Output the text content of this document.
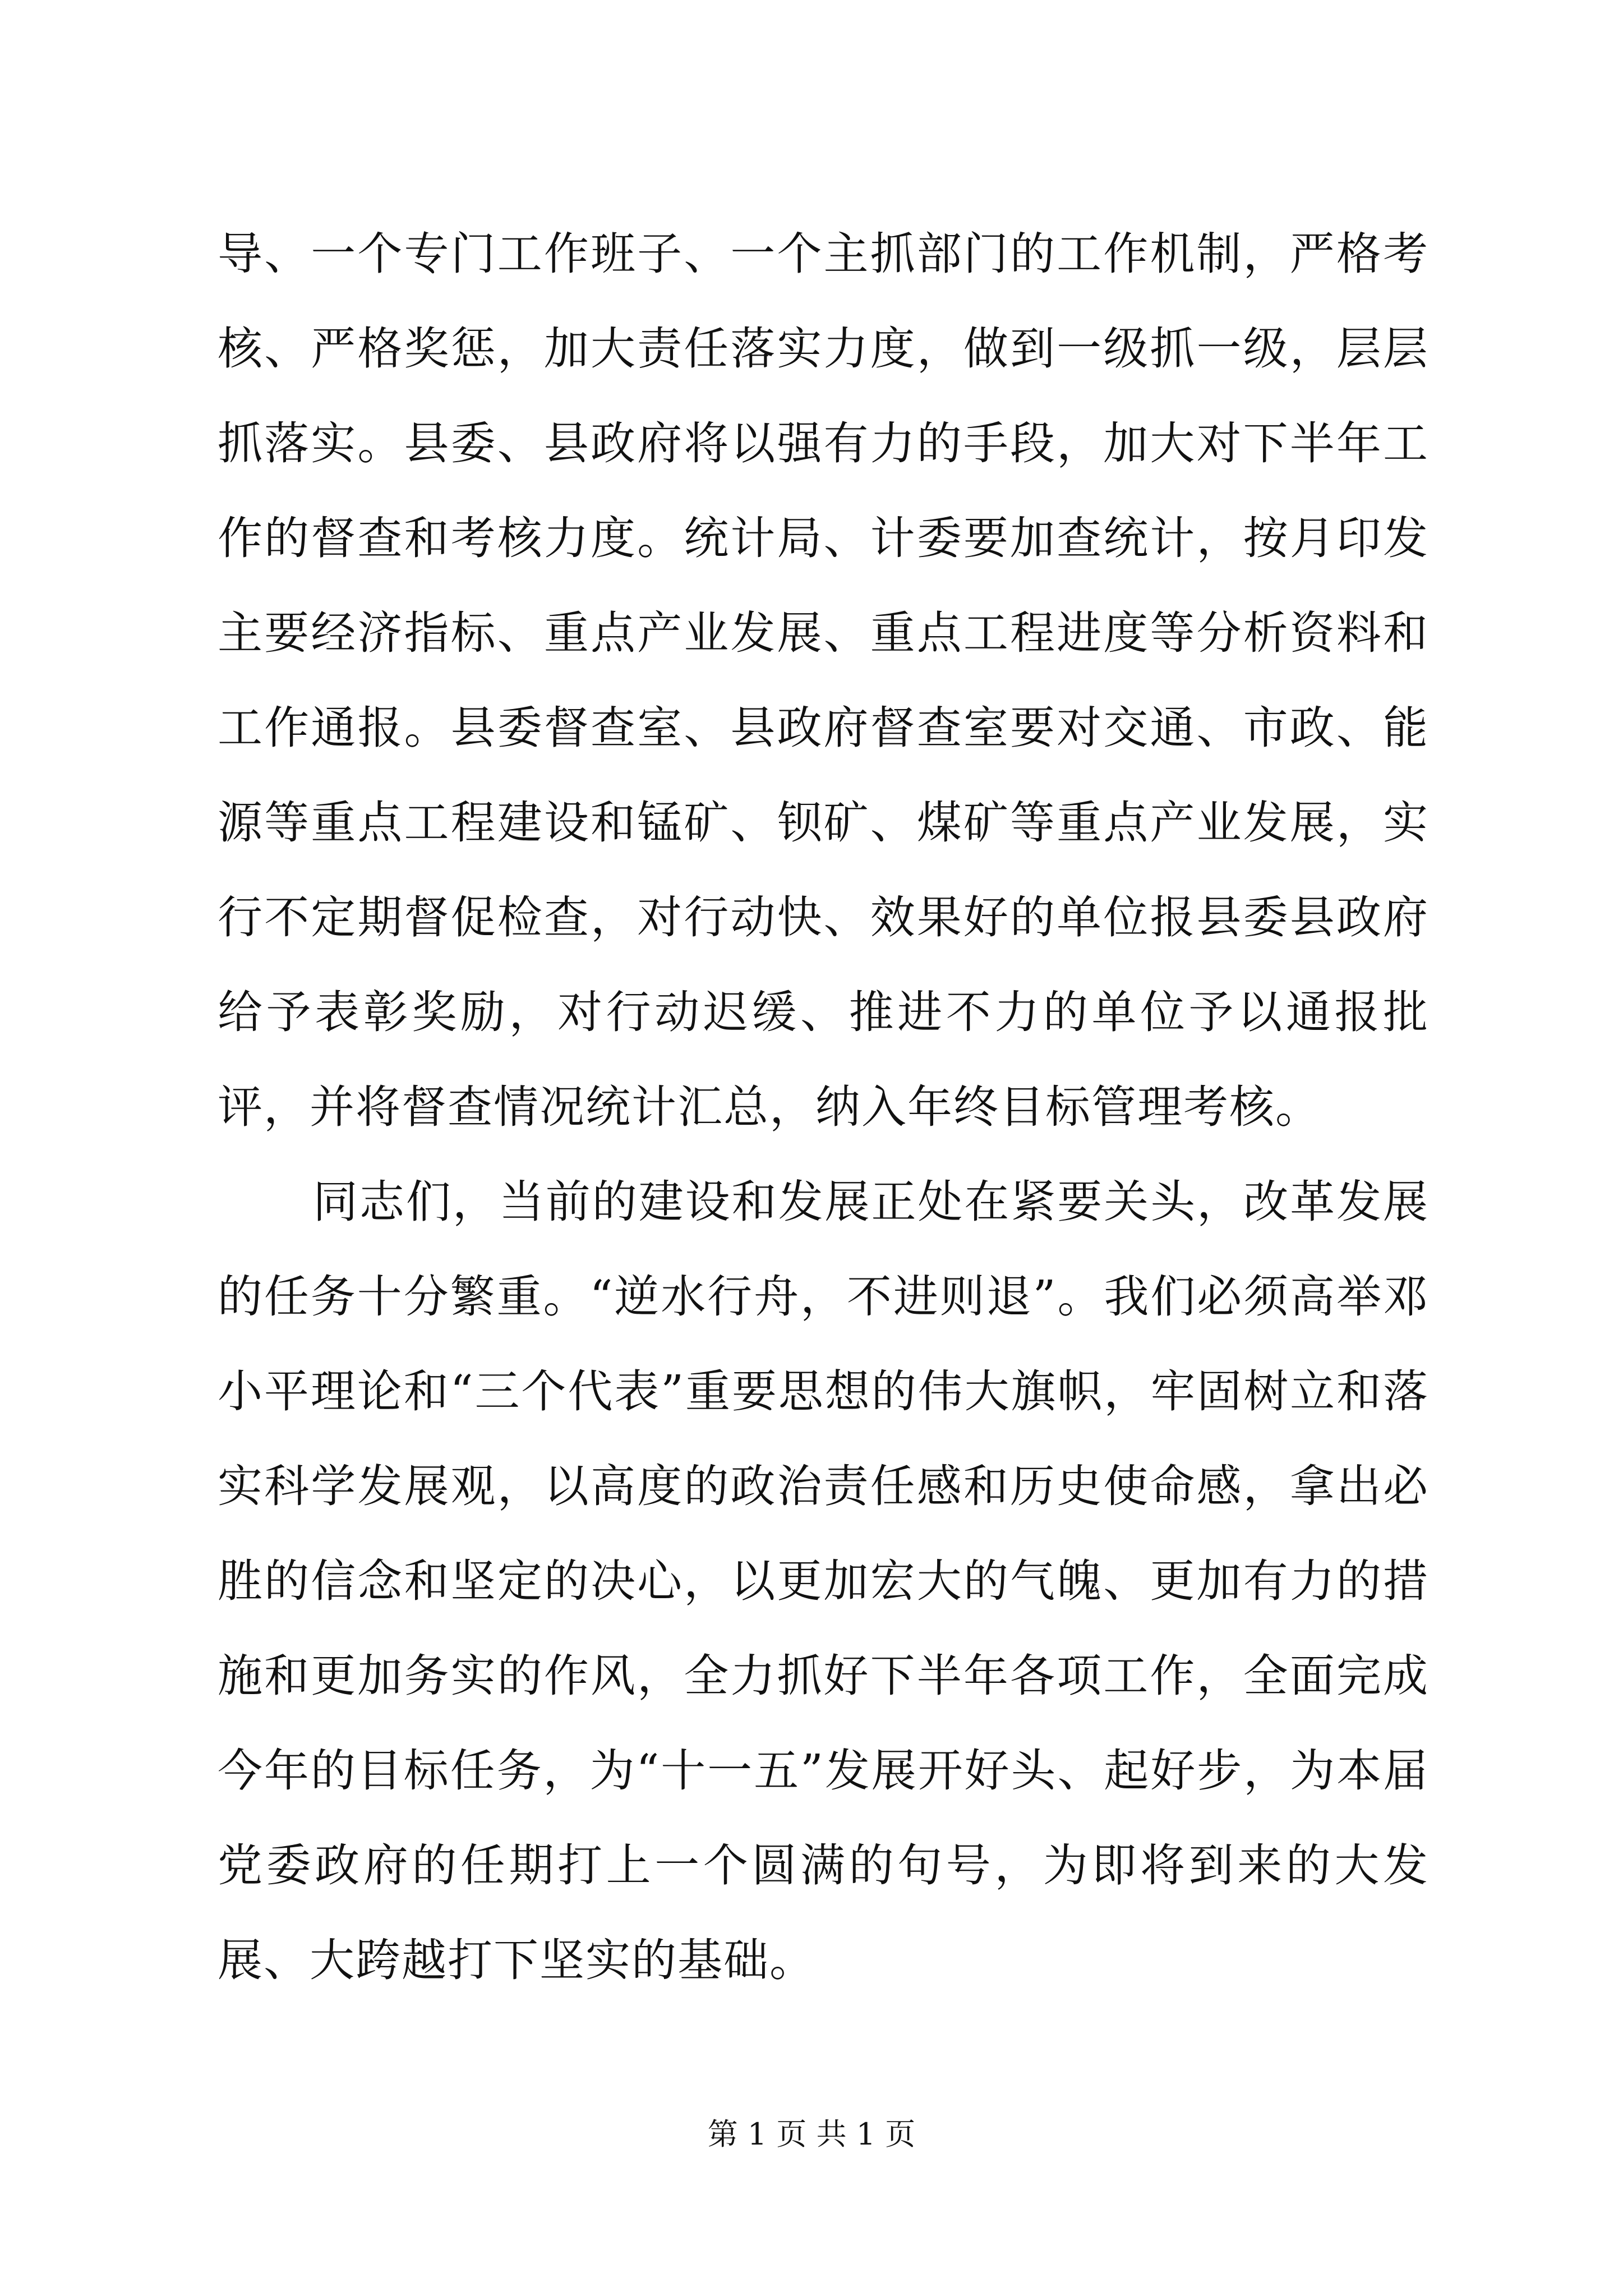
导、一个专门工作班子、一个主抓部门的工作机制，严格考核、严格奖惩，加大责任落实力度，做到一级抓一级，层层抓落实。县委、县政府将以强有力的手段，加大对下半年工作的督查和考核力度。统计局、计委要加查统计，按月印发主要经济指标、重点产业发展、重点工程进度等分析资料和工作通报。县委督查室、县政府督查室要对交通、市政、能源等重点工程建设和锰矿、钡矿、煤矿等重点产业发展，实行不定期督促检查，对行动快、效果好的单位报县委县政府给予表彰奖励，对行动迟缓、推进不力的单位予以通报批评，并将督查情况统计汇总，纳入年终目标管理考核。

同志们，当前的建设和发展正处在紧要关头，改革发展的任务十分繁重。“逆水行舟，不进则退”。我们必须高举邓小平理论和“三个代表”重要思想的伟大旗帜，牢固树立和落实科学发展观，以高度的政治责任感和历史使命感，拿出必胜的信念和坚定的决心，以更加宏大的气魄、更加有力的措施和更加务实的作风，全力抓好下半年各项工作，全面完成今年的目标任务，为“十一五”发展开好头、起好步，为本届党委政府的任期打上一个圆满的句号，为即将到来的大发展、大跨越打下坚实的基础。

第 1 页 共 1 页
